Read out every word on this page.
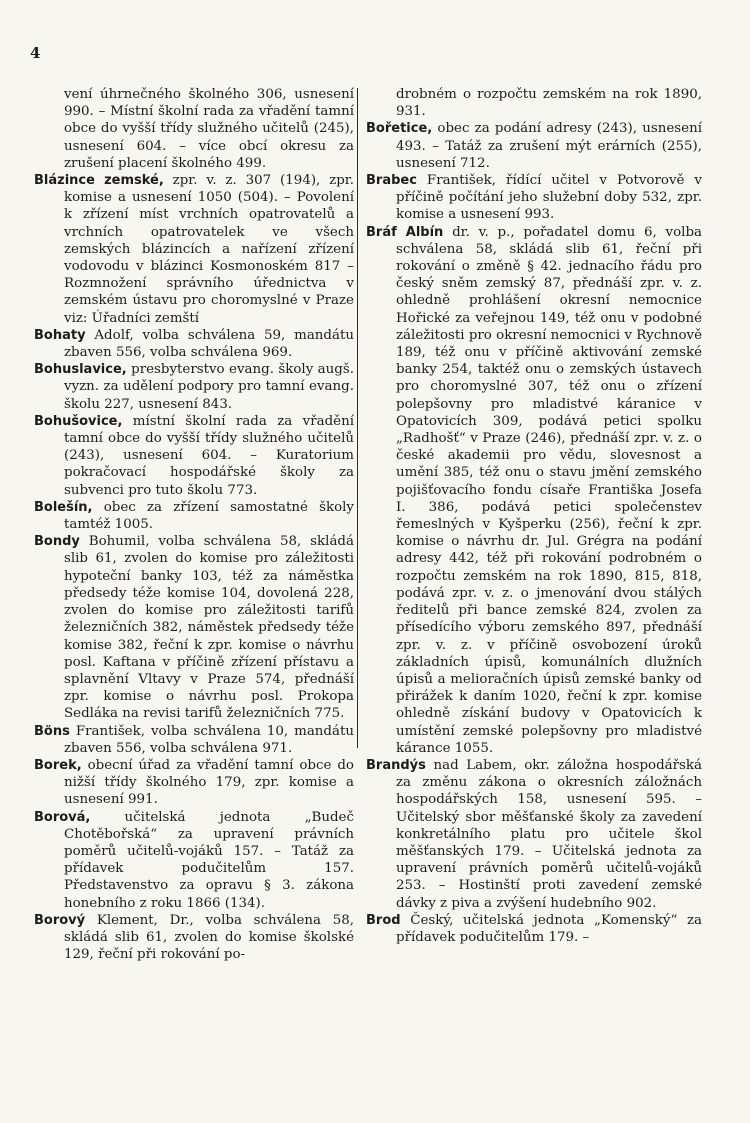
4

vení úhrnečného školného 306, usnesení 990. – Místní školní rada za vřadění tamní obce do vyšší třídy služného učitelů (245), usnesení 604. – více obcí okresu za zrušení placení školného 499.

Blázince zemské, zpr. v. z. 307 (194), zpr. komise a usnesení 1050 (504). – Povolení k zřízení míst vrchních opatrovatelů a vrchních opatrovatelek ve všech zemských blázincích a nařízení zřízení vodovodu v blázinci Kosmonoském 817 – Rozmnožení správního úřednictva v zemském ústavu pro choromyslné v Praze viz: Úřadníci zemští

Bohaty Adolf, volba schválena 59, mandátu zbaven 556, volba schválena 969.

Bohuslavice, presbyterstvo evang. školy augš. vyzn. za udělení podpory pro tamní evang. školu 227, usnesení 843.

Bohušovice, místní školní rada za vřadění tamní obce do vyšší třídy služného učitelů (243), usnesení 604. – Kuratorium pokračovací hospodářské školy za subvenci pro tuto školu 773.

Bolešín, obec za zřízení samostatné školy tamtéž 1005.

Bondy Bohumil, volba schválena 58, skládá slib 61, zvolen do komise pro záležitosti hypoteční banky 103, též za náměstka předsedy téže komise 104, dovolená 228, zvolen do komise pro záležitosti tarifů železničních 382, náměstek předsedy téže komise 382, řeční k zpr. komise o návrhu posl. Kaftana v příčině zřízení přístavu a splavnění Vltavy v Praze 574, přednáší zpr. komise o návrhu posl. Prokopa Sedláka na revisi tarifů železničních 775.

Böns František, volba schválena 10, mandátu zbaven 556, volba schválena 971.

Borek, obecní úřad za vřadění tamní obce do nižší třídy školného 179, zpr. komise a usnesení 991.

Borová, učitelská jednota „Budeč Chotěbořská“ za upravení právních poměrů učitelů-vojáků 157. – Tatáž za přídavek podučitelům 157. Představenstvo za opravu § 3. zákona honebního z roku 1866 (134).

Borový Klement, Dr., volba schválena 58, skládá slib 61, zvolen do komise školské 129, řeční při rokování po-

drobném o rozpočtu zemském na rok 1890, 931.

Bořetice, obec za podání adresy (243), usnesení 493. – Tatáž za zrušení mýt erárních (255), usnesení 712.

Brabec František, řídící učitel v Potvorově v příčině počítání jeho služební doby 532, zpr. komise a usnesení 993.

Bráf Albín dr. v. p., pořadatel domu 6, volba schválena 58, skládá slib 61, řeční při rokování o změně § 42. jednacího řádu pro český sněm zemský 87, přednáší zpr. v. z. ohledně prohlášení okresní nemocnice Hořické za veřejnou 149, též onu v podobné záležitosti pro okresní nemocnici v Rychnově 189, též onu v příčině aktivování zemské banky 254, taktéž onu o zemských ústavech pro choromyslné 307, též onu o zřízení polepšovny pro mladistvé káranice v Opatovicích 309, podává petici spolku „Radhošť“ v Praze (246), přednáší zpr. v. z. o české akademii pro vědu, slovesnost a umění 385, též onu o stavu jmění zemského pojišťovacího fondu císaře Františka Josefa I. 386, podává petici společenstev řemeslných v Kyšperku (256), řeční k zpr. komise o návrhu dr. Jul. Grégra na podání adresy 442, též při rokování podrobném o rozpočtu zemském na rok 1890, 815, 818, podává zpr. v. z. o jmenování dvou stálých ředitelů při bance zemské 824, zvolen za přísedícího výboru zemského 897, přednáší zpr. v. z. v příčině osvobození úroků základních úpisů, komunálních dlužních úpisů a melioračních úpisů zemské banky od přirážek k daním 1020, řeční k zpr. komise ohledně získání budovy v Opatovicích k umístění zemské polepšovny pro mladistvé kárance 1055.

Brandýs nad Labem, okr. záložna hospodářská za změnu zákona o okresních záložnách hospodářských 158, usnesení 595. – Učitelský sbor měšťanské školy za zavedení konkretálního platu pro učitele škol měšťanských 179. – Učitelská jednota za upravení právních poměrů učitelů-vojáků 253. – Hostinští proti zavedení zemské dávky z piva a zvýšení hudebního 902.

Brod Český, učitelská jednota „Komenský“ za přídavek podučitelům 179. –
